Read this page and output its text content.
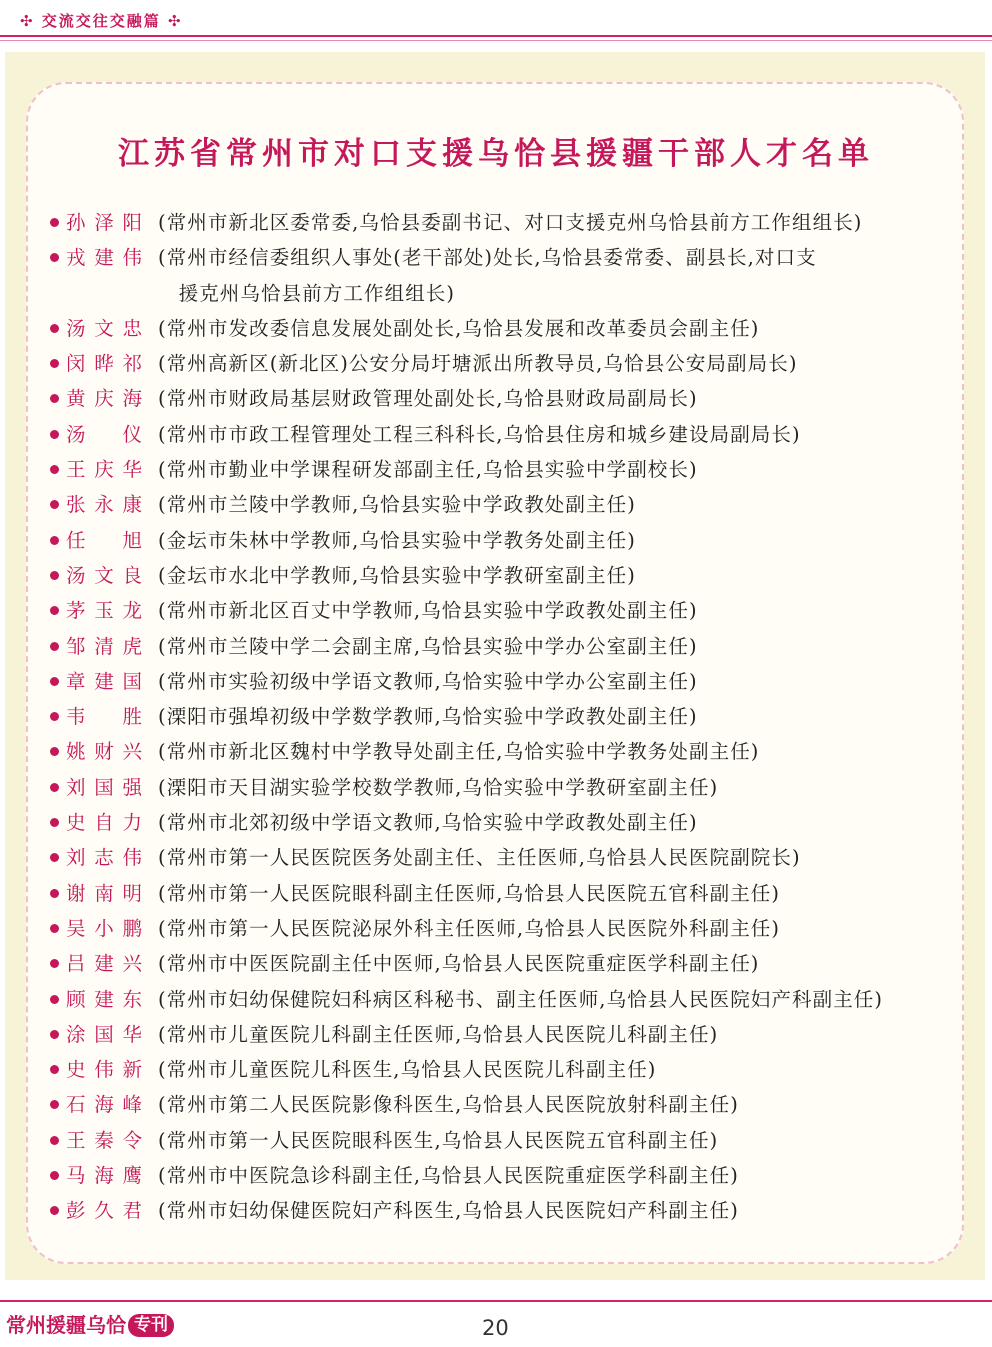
✣ 交流交往交融篇 ✣
江苏省常州市对口支援乌恰县援疆干部人才名单
孙泽阳 (常州市新北区委常委,乌恰县委副书记、对口支援克州乌恰县前方工作组组长)
戎建伟 (常州市经信委组织人事处(老干部处)处长,乌恰县委常委、副县长,对口支
　援克州乌恰县前方工作组组长)
汤文忠 (常州市发改委信息发展处副处长,乌恰县发展和改革委员会副主任)
闵晔祁 (常州高新区(新北区)公安分局圩塘派出所教导员,乌恰县公安局副局长)
黄庆海 (常州市财政局基层财政管理处副处长,乌恰县财政局副局长)
汤仪 (常州市市政工程管理处工程三科科长,乌恰县住房和城乡建设局副局长)
王庆华 (常州市勤业中学课程研发部副主任,乌恰县实验中学副校长)
张永康 (常州市兰陵中学教师,乌恰县实验中学政教处副主任)
任旭 (金坛市朱林中学教师,乌恰县实验中学教务处副主任)
汤文良 (金坛市水北中学教师,乌恰县实验中学教研室副主任)
茅玉龙 (常州市新北区百丈中学教师,乌恰县实验中学政教处副主任)
邹清虎 (常州市兰陵中学二会副主席,乌恰县实验中学办公室副主任)
章建国 (常州市实验初级中学语文教师,乌恰实验中学办公室副主任)
韦胜 (溧阳市强埠初级中学数学教师,乌恰实验中学政教处副主任)
姚财兴 (常州市新北区魏村中学教导处副主任,乌恰实验中学教务处副主任)
刘国强 (溧阳市天目湖实验学校数学教师,乌恰实验中学教研室副主任)
史自力 (常州市北郊初级中学语文教师,乌恰实验中学政教处副主任)
刘志伟 (常州市第一人民医院医务处副主任、主任医师,乌恰县人民医院副院长)
谢南明 (常州市第一人民医院眼科副主任医师,乌恰县人民医院五官科副主任)
吴小鹏 (常州市第一人民医院泌尿外科主任医师,乌恰县人民医院外科副主任)
吕建兴 (常州市中医医院副主任中医师,乌恰县人民医院重症医学科副主任)
顾建东 (常州市妇幼保健院妇科病区科秘书、副主任医师,乌恰县人民医院妇产科副主任)
涂国华 (常州市儿童医院儿科副主任医师,乌恰县人民医院儿科副主任)
史伟新 (常州市儿童医院儿科医生,乌恰县人民医院儿科副主任)
石海峰 (常州市第二人民医院影像科医生,乌恰县人民医院放射科副主任)
王秦令 (常州市第一人民医院眼科医生,乌恰县人民医院五官科副主任)
马海鹰 (常州市中医院急诊科副主任,乌恰县人民医院重症医学科副主任)
彭久君 (常州市妇幼保健医院妇产科医生,乌恰县人民医院妇产科副主任)
常州援疆乌恰 专刊	20
